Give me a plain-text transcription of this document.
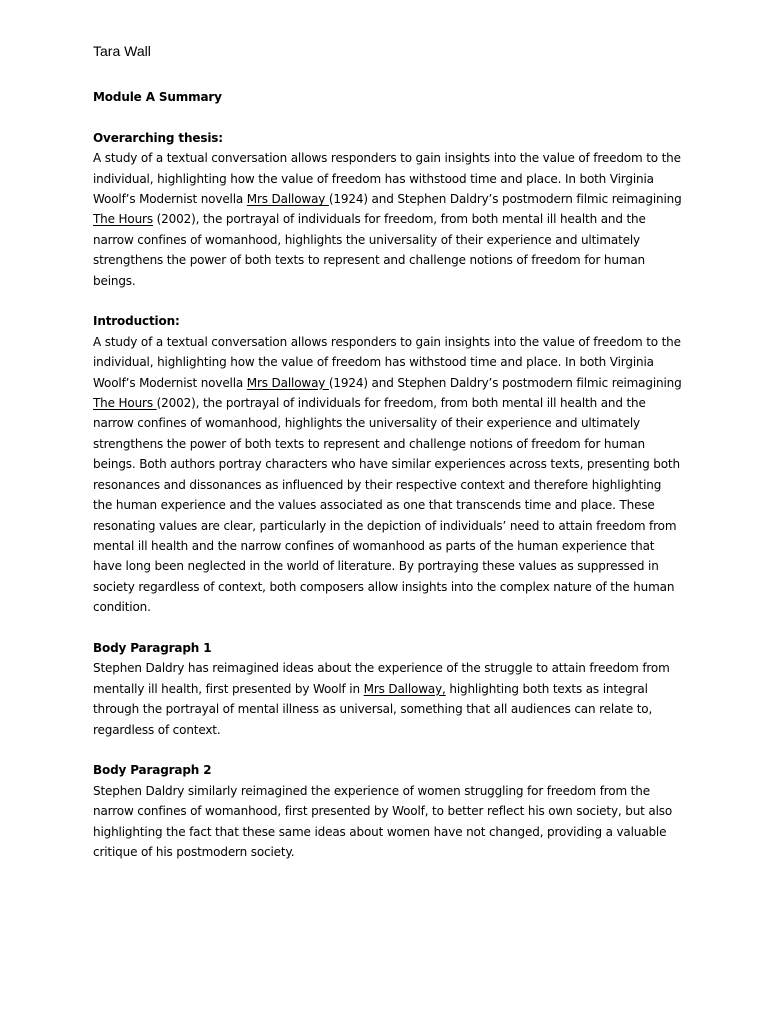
Tara Wall

Module A Summary

Overarching thesis:

A study of a textual conversation allows responders to gain insights into the value of freedom to the individual, highlighting how the value of freedom has withstood time and place. In both Virginia Woolf’s Modernist novella Mrs Dalloway (1924) and Stephen Daldry’s postmodern filmic reimagining The Hours (2002), the portrayal of individuals for freedom, from both mental ill health and the narrow confines of womanhood, highlights the universality of their experience and ultimately strengthens the power of both texts to represent and challenge notions of freedom for human beings.

Introduction:

A study of a textual conversation allows responders to gain insights into the value of freedom to the individual, highlighting how the value of freedom has withstood time and place. In both Virginia Woolf’s Modernist novella Mrs Dalloway (1924) and Stephen Daldry’s postmodern filmic reimagining The Hours (2002), the portrayal of individuals for freedom, from both mental ill health and the narrow confines of womanhood, highlights the universality of their experience and ultimately strengthens the power of both texts to represent and challenge notions of freedom for human beings. Both authors portray characters who have similar experiences across texts, presenting both resonances and dissonances as influenced by their respective context and therefore highlighting the human experience and the values associated as one that transcends time and place. These resonating values are clear, particularly in the depiction of individuals’ need to attain freedom from mental ill health and the narrow confines of womanhood as parts of the human experience that have long been neglected in the world of literature. By portraying these values as suppressed in society regardless of context, both composers allow insights into the complex nature of the human condition.

Body Paragraph 1

Stephen Daldry has reimagined ideas about the experience of the struggle to attain freedom from mentally ill health, first presented by Woolf in Mrs Dalloway, highlighting both texts as integral through the portrayal of mental illness as universal, something that all audiences can relate to, regardless of context.

Body Paragraph 2

Stephen Daldry similarly reimagined the experience of women struggling for freedom from the narrow confines of womanhood, first presented by Woolf, to better reflect his own society, but also highlighting the fact that these same ideas about women have not changed, providing a valuable critique of his postmodern society.
